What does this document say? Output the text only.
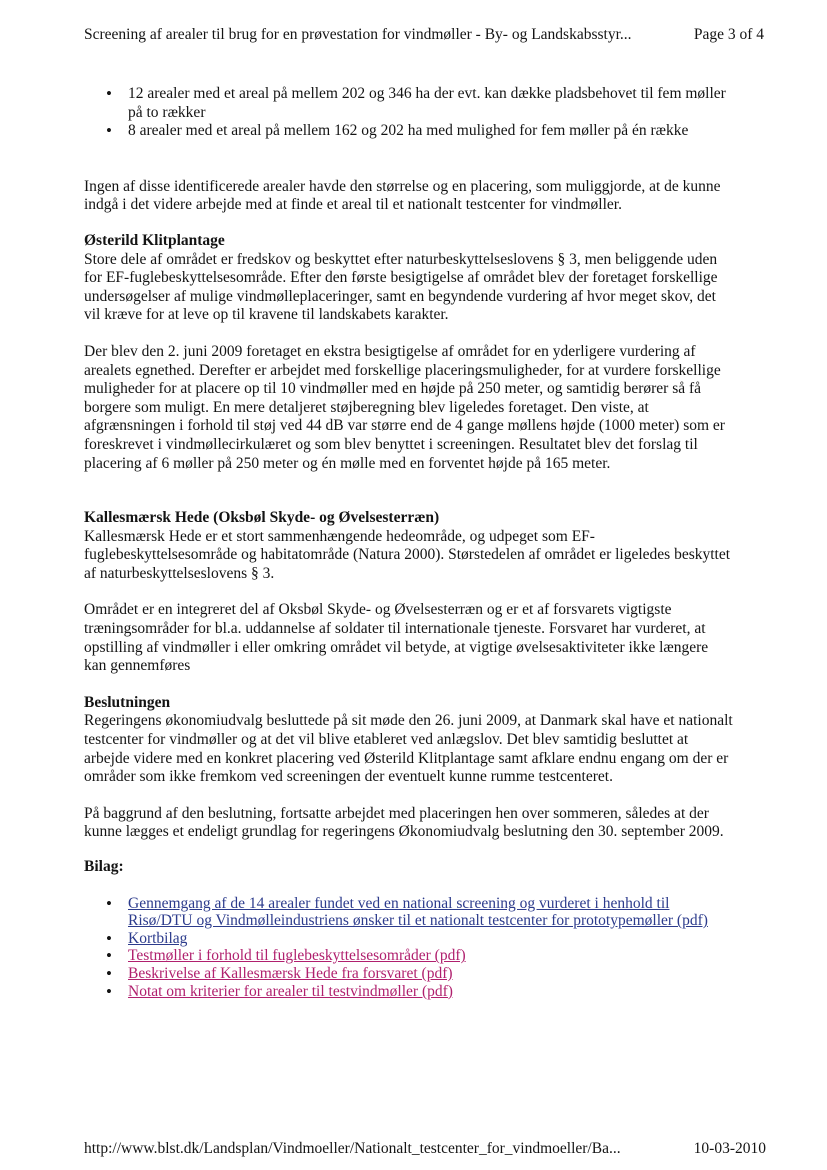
Screening af arealer til brug for en prøvestation for vindmøller - By- og Landskabsstyr...	Page 3 of 4
• 12 arealer med et areal på mellem 202 og 346 ha der evt. kan dække pladsbehovet til fem møller på to rækker
• 8 arealer med et areal på mellem 162 og 202 ha med mulighed for fem møller på én række

Ingen af disse identificerede arealer havde den størrelse og en placering, som muliggjorde, at de kunne indgå i det videre arbejde med at finde et areal til et nationalt testcenter for vindmøller.

Østerild Klitplantage

Store dele af området er fredskov og beskyttet efter naturbeskyttelseslovens § 3, men beliggende uden for EF-fuglebeskyttelsesområde. Efter den første besigtigelse af området blev der foretaget forskellige undersøgelser af mulige vindmølleplaceringer, samt en begyndende vurdering af hvor meget skov, det vil kræve for at leve op til kravene til landskabets karakter.

Der blev den 2. juni 2009 foretaget en ekstra besigtigelse af området for en yderligere vurdering af arealets egnethed. Derefter er arbejdet med forskellige placeringsmuligheder, for at vurdere forskellige muligheder for at placere op til 10 vindmøller med en højde på 250 meter, og samtidig berører så få borgere som muligt. En mere detaljeret støjberegning blev ligeledes foretaget. Den viste, at afgrænsningen i forhold til støj ved 44 dB var større end de 4 gange møllens højde (1000 meter) som er foreskrevet i vindmøllecirkulæret og som blev benyttet i screeningen. Resultatet blev det forslag til placering af 6 møller på 250 meter og én mølle med en forventet højde på 165 meter.

Kallesmærsk Hede (Oksbøl Skyde- og Øvelsesterræn)

Kallesmærsk Hede er et stort sammenhængende hedeområde, og udpeget som EF-fuglebeskyttelsesområde og habitatområde (Natura 2000). Størstedelen af området er ligeledes beskyttet af naturbeskyttelseslovens § 3.

Området er en integreret del af Oksbøl Skyde- og Øvelsesterræn og er et af forsvarets vigtigste træningsområder for bl.a. uddannelse af soldater til internationale tjeneste. Forsvaret har vurderet, at opstilling af vindmøller i eller omkring området vil betyde, at vigtige øvelsesaktiviteter ikke længere kan gennemføres

Beslutningen

Regeringens økonomiudvalg besluttede på sit møde den 26. juni 2009, at Danmark skal have et nationalt testcenter for vindmøller og at det vil blive etableret ved anlægslov. Det blev samtidig besluttet at arbejde videre med en konkret placering ved Østerild Klitplantage samt afklare endnu engang om der er områder som ikke fremkom ved screeningen der eventuelt kunne rumme testcenteret.

På baggrund af den beslutning, fortsatte arbejdet med placeringen hen over sommeren, således at der kunne lægges et endeligt grundlag for regeringens Økonomiudvalg beslutning den 30. september 2009.

Bilag:

• Gennemgang af de 14 arealer fundet ved en national screening og vurderet i henhold til Risø/DTU og Vindmølleindustriens ønsker til et nationalt testcenter for prototypemøller (pdf)
• Kortbilag
• Testmøller i forhold til fuglebeskyttelsesområder (pdf)
• Beskrivelse af Kallesmærsk Hede fra forsvaret (pdf)
• Notat om kriterier for arealer til testvindmøller (pdf)
http://www.blst.dk/Landsplan/Vindmoeller/Nationalt_testcenter_for_vindmoeller/Ba...	10-03-2010
